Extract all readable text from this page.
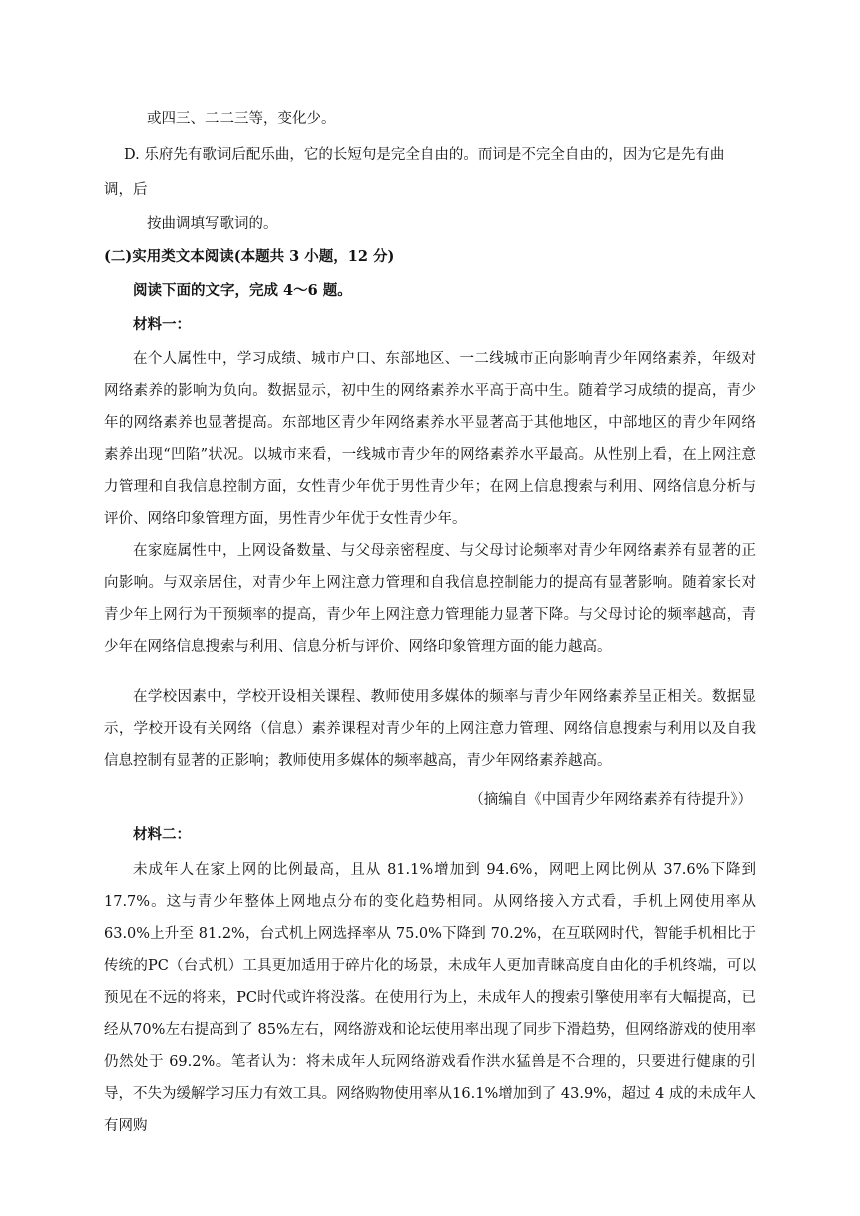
或四三、二二三等，变化少。
D. 乐府先有歌词后配乐曲，它的长短句是完全自由的。而词是不完全自由的，因为它是先有曲
调，后
按曲调填写歌词的。
(二)实用类文本阅读(本题共 3 小题，12 分)
阅读下面的文字，完成 4～6 题。
材料一：

在个人属性中，学习成绩、城市户口、东部地区、一二线城市正向影响青少年网络素养，年级对网络素养的影响为负向。数据显示，初中生的网络素养水平高于高中生。随着学习成绩的提高，青少年的网络素养也显著提高。东部地区青少年网络素养水平显著高于其他地区，中部地区的青少年网络素养出现“凹陷”状况。以城市来看，一线城市青少年的网络素养水平最高。从性别上看，在上网注意力管理和自我信息控制方面，女性青少年优于男性青少年；在网上信息搜索与利用、网络信息分析与评价、网络印象管理方面，男性青少年优于女性青少年。

在家庭属性中，上网设备数量、与父母亲密程度、与父母讨论频率对青少年网络素养有显著的正向影响。与双亲居住，对青少年上网注意力管理和自我信息控制能力的提高有显著影响。随着家长对青少年上网行为干预频率的提高，青少年上网注意力管理能力显著下降。与父母讨论的频率越高，青少年在网络信息搜索与利用、信息分析与评价、网络印象管理方面的能力越高。

在学校因素中，学校开设相关课程、教师使用多媒体的频率与青少年网络素养呈正相关。数据显示，学校开设有关网络（信息）素养课程对青少年的上网注意力管理、网络信息搜索与利用以及自我信息控制有显著的正影响；教师使用多媒体的频率越高，青少年网络素养越高。

（摘编自《中国青少年网络素养有待提升》）
材料二：

未成年人在家上网的比例最高，且从 81.1%增加到 94.6%，网吧上网比例从 37.6%下降到 17.7%。这与青少年整体上网地点分布的变化趋势相同。从网络接入方式看，手机上网使用率从 63.0%上升至 81.2%，台式机上网选择率从 75.0%下降到 70.2%，在互联网时代，智能手机相比于传统的PC（台式机）工具更加适用于碎片化的场景，未成年人更加青睐高度自由化的手机终端，可以预见在不远的将来，PC时代或许将没落。在使用行为上，未成年人的搜索引擎使用率有大幅提高，已经从70%左右提高到了 85%左右，网络游戏和论坛使用率出现了同步下滑趋势，但网络游戏的使用率仍然处于 69.2%。笔者认为：将未成年人玩网络游戏看作洪水猛兽是不合理的，只要进行健康的引导，不失为缓解学习压力有效工具。网络购物使用率从16.1%增加到了 43.9%，超过 4 成的未成年人有网购
